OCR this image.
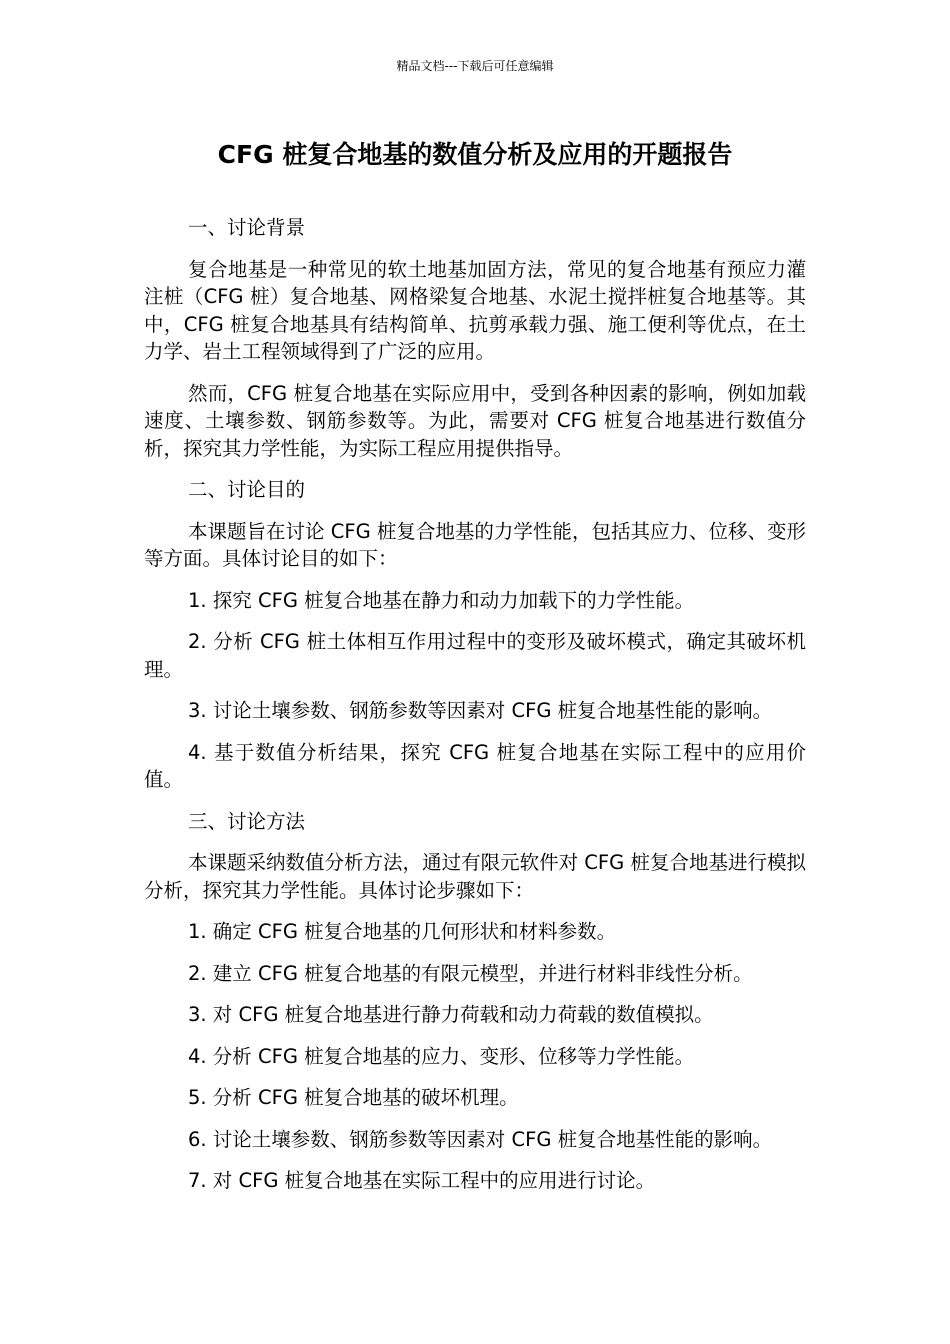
精品文档---下载后可任意编辑
CFG 桩复合地基的数值分析及应用的开题报告

一、讨论背景

复合地基是一种常见的软土地基加固方法，常见的复合地基有预应力灌注桩（CFG 桩）复合地基、网格梁复合地基、水泥土搅拌桩复合地基等。其中，CFG 桩复合地基具有结构简单、抗剪承载力强、施工便利等优点，在土力学、岩土工程领域得到了广泛的应用。

然而，CFG 桩复合地基在实际应用中，受到各种因素的影响，例如加载速度、土壤参数、钢筋参数等。为此，需要对 CFG 桩复合地基进行数值分析，探究其力学性能，为实际工程应用提供指导。

二、讨论目的

本课题旨在讨论 CFG 桩复合地基的力学性能，包括其应力、位移、变形等方面。具体讨论目的如下：

1. 探究 CFG 桩复合地基在静力和动力加载下的力学性能。

2. 分析 CFG 桩土体相互作用过程中的变形及破坏模式，确定其破坏机理。

3. 讨论土壤参数、钢筋参数等因素对 CFG 桩复合地基性能的影响。

4. 基于数值分析结果，探究 CFG 桩复合地基在实际工程中的应用价值。

三、讨论方法

本课题采纳数值分析方法，通过有限元软件对 CFG 桩复合地基进行模拟分析，探究其力学性能。具体讨论步骤如下：

1. 确定 CFG 桩复合地基的几何形状和材料参数。

2. 建立 CFG 桩复合地基的有限元模型，并进行材料非线性分析。

3. 对 CFG 桩复合地基进行静力荷载和动力荷载的数值模拟。

4. 分析 CFG 桩复合地基的应力、变形、位移等力学性能。

5. 分析 CFG 桩复合地基的破坏机理。

6. 讨论土壤参数、钢筋参数等因素对 CFG 桩复合地基性能的影响。

7. 对 CFG 桩复合地基在实际工程中的应用进行讨论。
